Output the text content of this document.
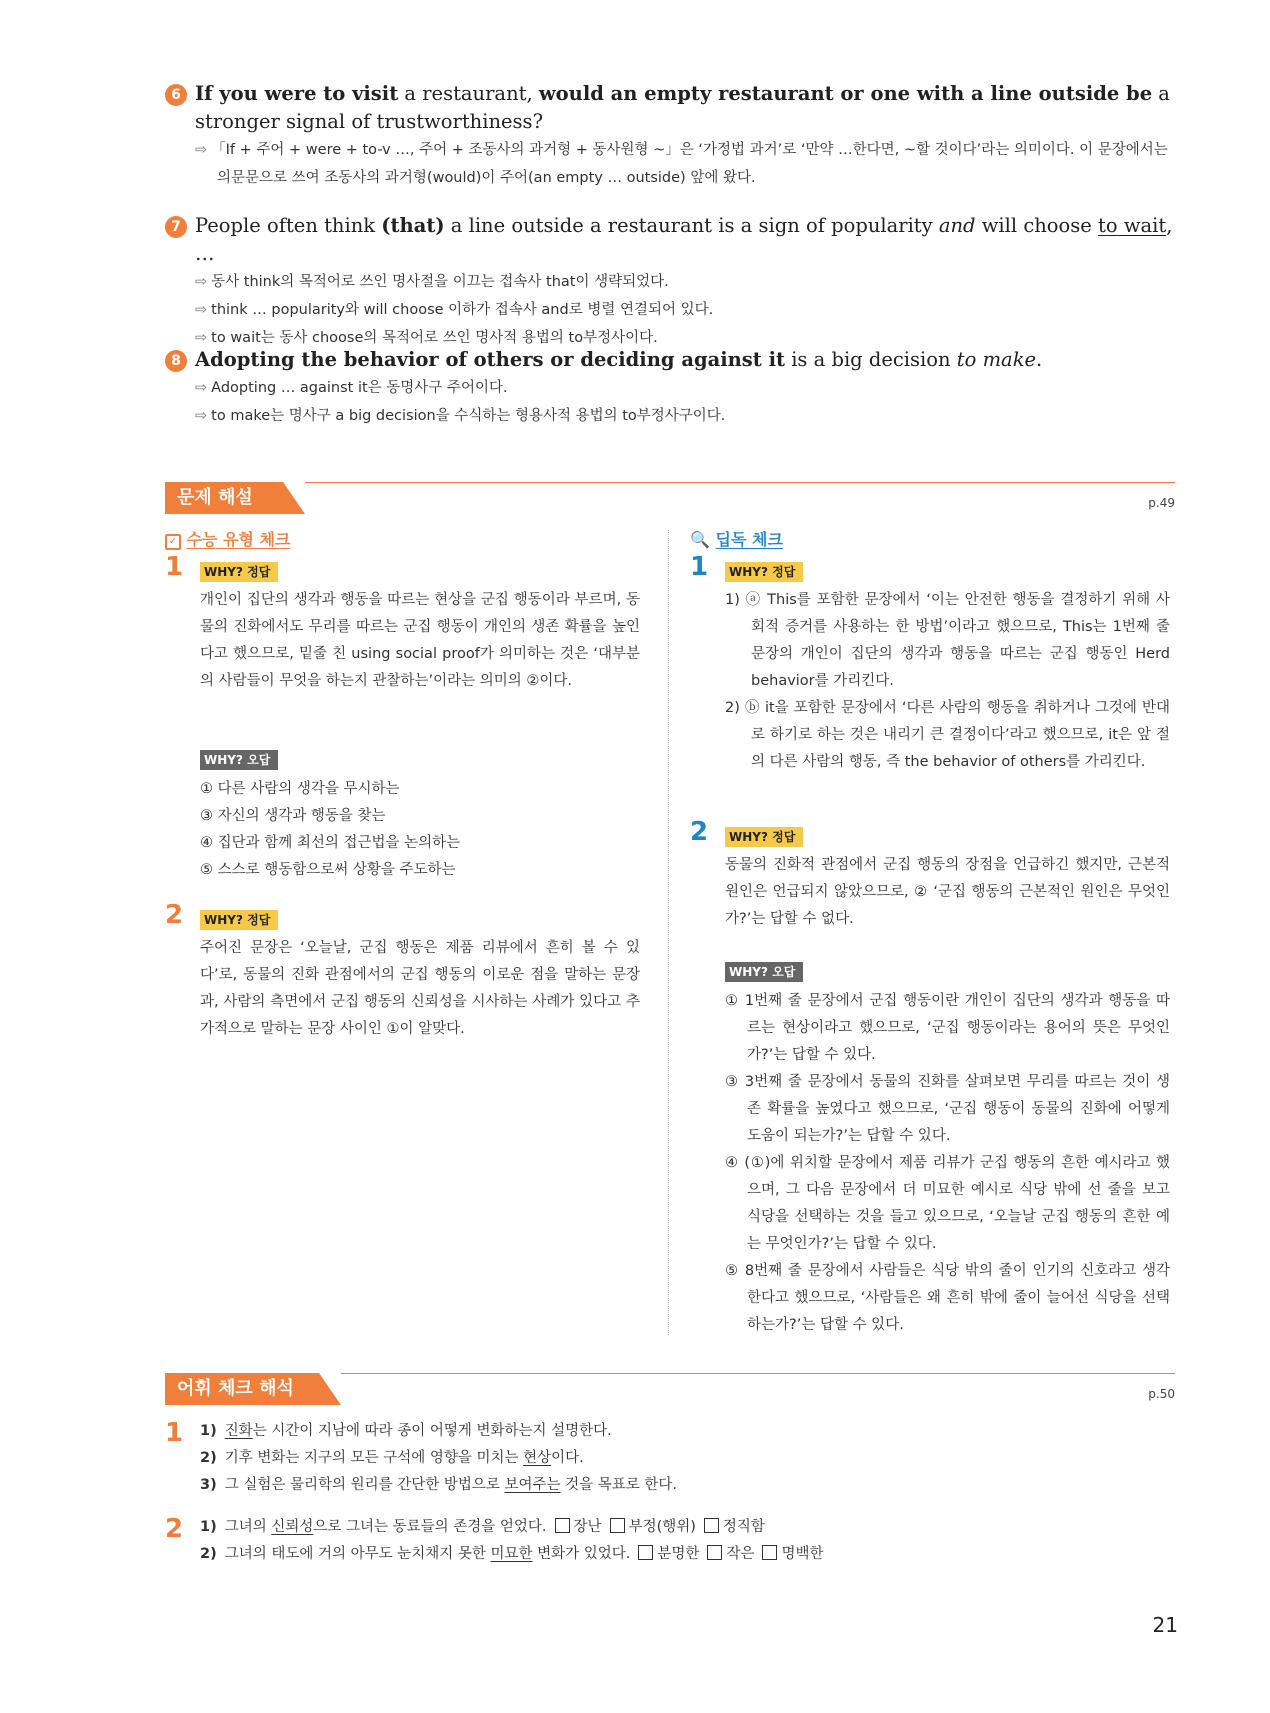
6 If you were to visit a restaurant, would an empty restaurant or one with a line outside be a stronger signal of trustworthiness?
⇨ 「If + 주어 + were + to-v …, 주어 + 조동사의 과거형 + 동사원형 ~」은 ‘가정법 과거’로 ‘만약 …한다면, ~할 것이다’라는 의미이다. 이 문장에서는 의문문으로 쓰여 조동사의 과거형(would)이 주어(an empty … outside) 앞에 왔다.
7 People often think (that) a line outside a restaurant is a sign of popularity and will choose to wait, …
⇨ 동사 think의 목적어로 쓰인 명사절을 이끄는 접속사 that이 생략되었다.
⇨ think … popularity와 will choose 이하가 접속사 and로 병렬 연결되어 있다.
⇨ to wait는 동사 choose의 목적어로 쓰인 명사적 용법의 to부정사이다.
8 Adopting the behavior of others or deciding against it is a big decision to make.
⇨ Adopting … against it은 동명사구 주어이다.
⇨ to make는 명사구 a big decision을 수식하는 형용사적 용법의 to부정사구이다.
문제 해설	p.49
✓ 수능 유형 체크
1	WHY? 정답
개인이 집단의 생각과 행동을 따르는 현상을 군집 행동이라 부르며, 동물의 진화에서도 무리를 따르는 군집 행동이 개인의 생존 확률을 높인다고 했으므로, 밑줄 친 using social proof가 의미하는 것은 ‘대부분의 사람들이 무엇을 하는지 관찰하는’이라는 의미의 ②이다.
WHY? 오답
① 다른 사람의 생각을 무시하는
③ 자신의 생각과 행동을 찾는
④ 집단과 함께 최선의 접근법을 논의하는
⑤ 스스로 행동함으로써 상황을 주도하는
2	WHY? 정답
주어진 문장은 ‘오늘날, 군집 행동은 제품 리뷰에서 흔히 볼 수 있다’로, 동물의 진화 관점에서의 군집 행동의 이로운 점을 말하는 문장과, 사람의 측면에서 군집 행동의 신뢰성을 시사하는 사례가 있다고 추가적으로 말하는 문장 사이인 ①이 알맞다.
🔍 딥독 체크
1	WHY? 정답
1) ⓐ This를 포함한 문장에서 ‘이는 안전한 행동을 결정하기 위해 사회적 증거를 사용하는 한 방법’이라고 했으므로, This는 1번째 줄 문장의 개인이 집단의 생각과 행동을 따르는 군집 행동인 Herd behavior를 가리킨다.
2) ⓑ it을 포함한 문장에서 ‘다른 사람의 행동을 취하거나 그것에 반대로 하기로 하는 것은 내리기 큰 결정이다’라고 했으므로, it은 앞 절의 다른 사람의 행동, 즉 the behavior of others를 가리킨다.
2	WHY? 정답
동물의 진화적 관점에서 군집 행동의 장점을 언급하긴 했지만, 근본적 원인은 언급되지 않았으므로, ② ‘군집 행동의 근본적인 원인은 무엇인가?’는 답할 수 없다.
WHY? 오답
① 1번째 줄 문장에서 군집 행동이란 개인이 집단의 생각과 행동을 따르는 현상이라고 했으므로, ‘군집 행동이라는 용어의 뜻은 무엇인가?’는 답할 수 있다.
③ 3번째 줄 문장에서 동물의 진화를 살펴보면 무리를 따르는 것이 생존 확률을 높였다고 했으므로, ‘군집 행동이 동물의 진화에 어떻게 도움이 되는가?’는 답할 수 있다.
④ (①)에 위치할 문장에서 제품 리뷰가 군집 행동의 흔한 예시라고 했으며, 그 다음 문장에서 더 미묘한 예시로 식당 밖에 선 줄을 보고 식당을 선택하는 것을 들고 있으므로, ‘오늘날 군집 행동의 흔한 예는 무엇인가?’는 답할 수 있다.
⑤ 8번째 줄 문장에서 사람들은 식당 밖의 줄이 인기의 신호라고 생각한다고 했으므로, ‘사람들은 왜 흔히 밖에 줄이 늘어선 식당을 선택하는가?’는 답할 수 있다.
어휘 체크 해석	p.50
1 1) 진화는 시간이 지남에 따라 종이 어떻게 변화하는지 설명한다.
2) 기후 변화는 지구의 모든 구석에 영향을 미치는 현상이다.
3) 그 실험은 물리학의 원리를 간단한 방법으로 보여주는 것을 목표로 한다.
2 1) 그녀의 신뢰성으로 그녀는 동료들의 존경을 얻었다. 장난 부정(행위) 정직함
2) 그녀의 태도에 거의 아무도 눈치채지 못한 미묘한 변화가 있었다. 분명한 작은 명백한
21
